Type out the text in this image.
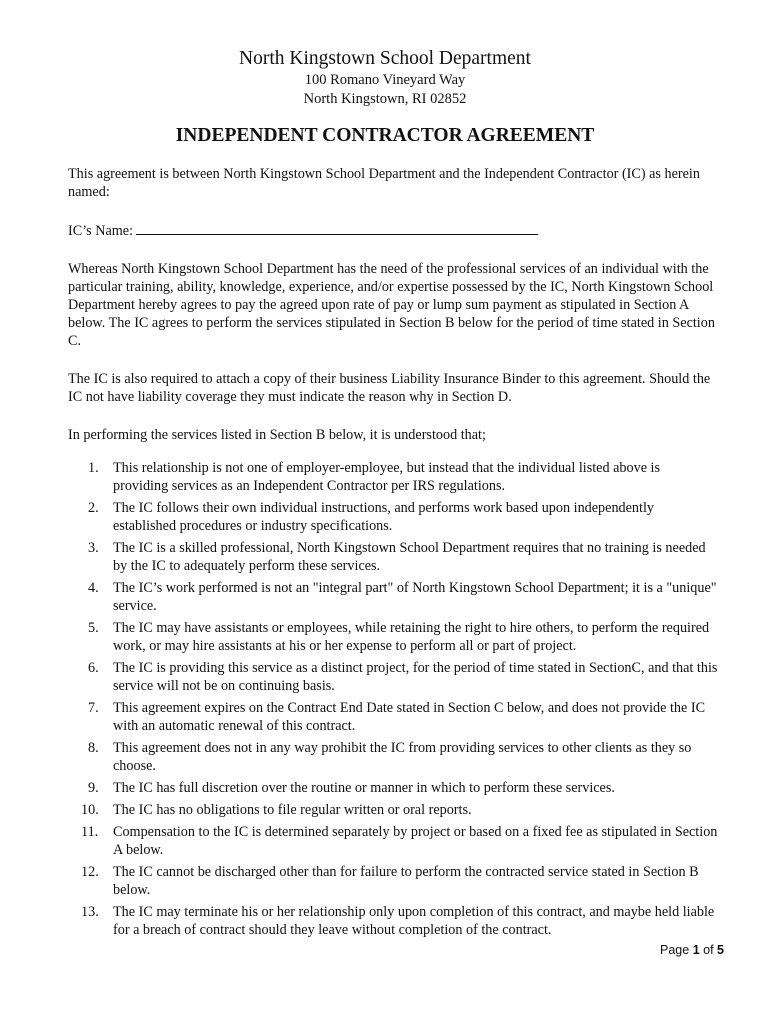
North Kingstown School Department
100 Romano Vineyard Way
North Kingstown, RI 02852
INDEPENDENT CONTRACTOR AGREEMENT

This agreement is between North Kingstown School Department and the Independent Contractor (IC) as herein named:

IC’s Name:

Whereas North Kingstown School Department has the need of the professional services of an individual with the particular training, ability, knowledge, experience, and/or expertise possessed by the IC, North Kingstown School Department hereby agrees to pay the agreed upon rate of pay or lump sum payment as stipulated in Section A below. The IC agrees to perform the services stipulated in Section B below for the period of time stated in Section C.

The IC is also required to attach a copy of their business Liability Insurance Binder to this agreement. Should the IC not have liability coverage they must indicate the reason why in Section D.

In performing the services listed in Section B below, it is understood that;

1. This relationship is not one of employer-employee, but instead that the individual listed above is providing services as an Independent Contractor per IRS regulations.
2. The IC follows their own individual instructions, and performs work based upon independently established procedures or industry specifications.
3. The IC is a skilled professional, North Kingstown School Department requires that no training is needed by the IC to adequately perform these services.
4. The IC’s work performed is not an "integral part" of North Kingstown School Department; it is a "unique" service.
5. The IC may have assistants or employees, while retaining the right to hire others, to perform the required work, or may hire assistants at his or her expense to perform all or part of project.
6. The IC is providing this service as a distinct project, for the period of time stated in SectionC, and that this service will not be on continuing basis.
7. This agreement expires on the Contract End Date stated in Section C below, and does not provide the IC with an automatic renewal of this contract.
8. This agreement does not in any way prohibit the IC from providing services to other clients as they so choose.
9. The IC has full discretion over the routine or manner in which to perform these services.
10. The IC has no obligations to file regular written or oral reports.
11. Compensation to the IC is determined separately by project or based on a fixed fee as stipulated in Section A below.
12. The IC cannot be discharged other than for failure to perform the contracted service stated in Section B below.
13. The IC may terminate his or her relationship only upon completion of this contract, and maybe held liable for a breach of contract should they leave without completion of the contract.
Page 1 of 5
